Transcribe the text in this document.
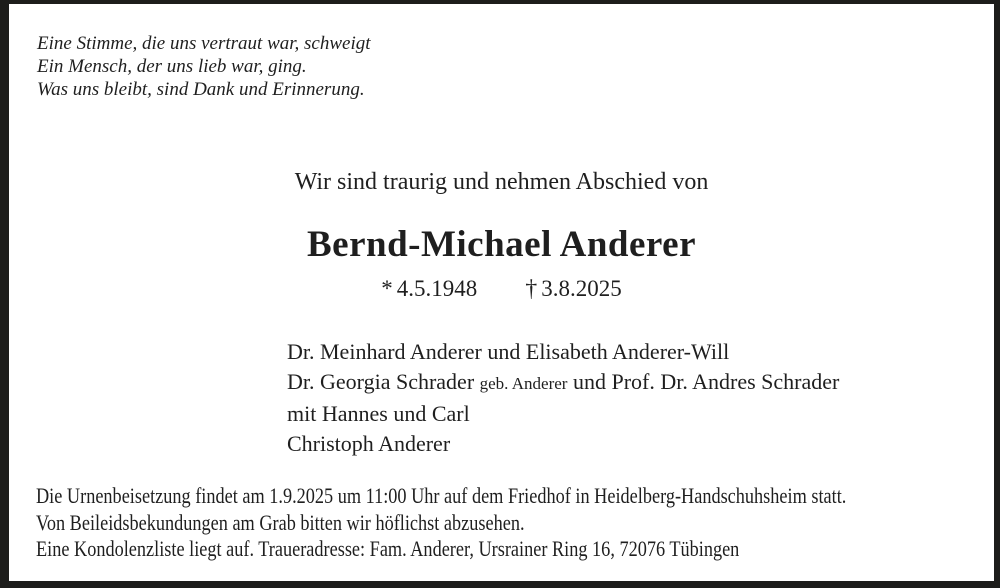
Eine Stimme, die uns vertraut war, schweigt
Ein Mensch, der uns lieb war, ging.
Was uns bleibt, sind Dank und Erinnerung.
Wir sind traurig und nehmen Abschied von
Bernd-Michael Anderer
* 4.5.1948 † 3.8.2025
Dr. Meinhard Anderer und Elisabeth Anderer-Will
Dr. Georgia Schrader geb. Anderer und Prof. Dr. Andres Schrader
mit Hannes und Carl
Christoph Anderer
Die Urnenbeisetzung findet am 1.9.2025 um 11:00 Uhr auf dem Friedhof in Heidelberg-Handschuhsheim statt.
Von Beileidsbekundungen am Grab bitten wir höflichst abzusehen.
Eine Kondolenzliste liegt auf. Traueradresse: Fam. Anderer, Ursrainer Ring 16, 72076 Tübingen
